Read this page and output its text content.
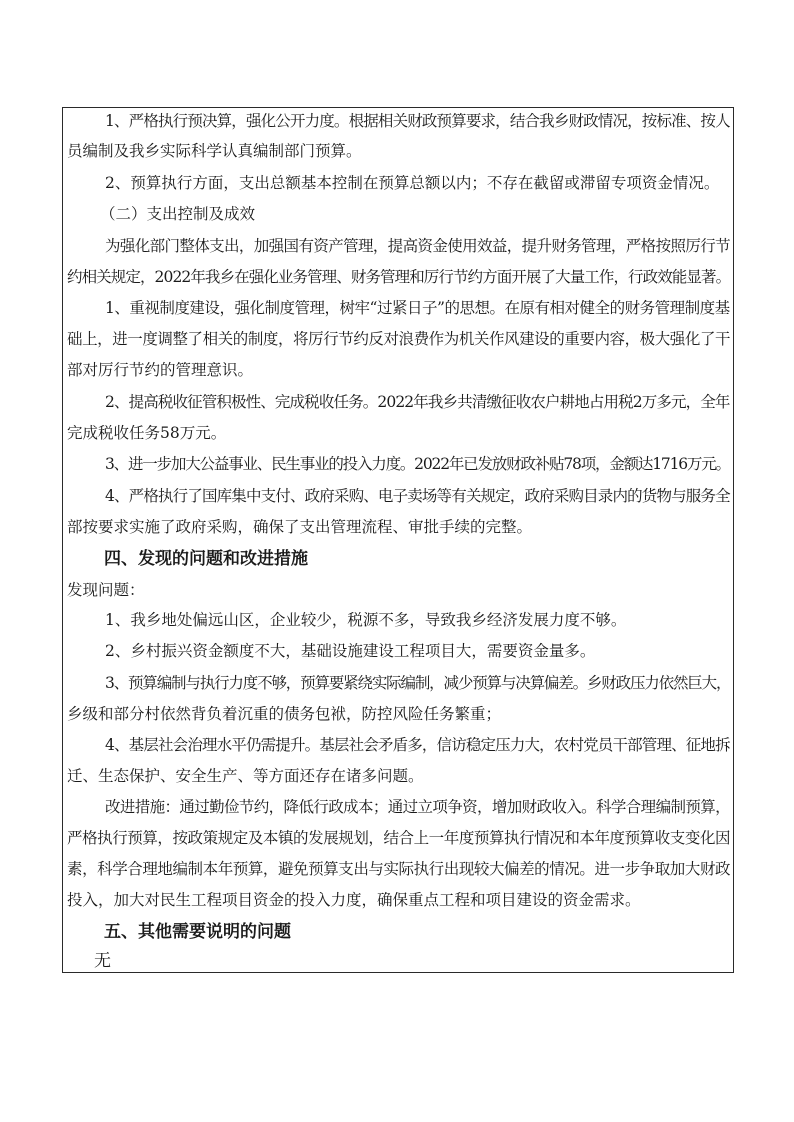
1、严格执行预决算，强化公开力度。根据相关财政预算要求，结合我乡财政情况，按标准、按人
员编制及我乡实际科学认真编制部门预算。
2、预算执行方面，支出总额基本控制在预算总额以内；不存在截留或滞留专项资金情况。
（二）支出控制及成效
为强化部门整体支出，加强国有资产管理，提高资金使用效益，提升财务管理，严格按照厉行节
约相关规定，2022年我乡在强化业务管理、财务管理和厉行节约方面开展了大量工作，行政效能显著。
1、重视制度建设，强化制度管理，树牢“过紧日子”的思想。在原有相对健全的财务管理制度基
础上，进一度调整了相关的制度，将厉行节约反对浪费作为机关作风建设的重要内容，极大强化了干
部对厉行节约的管理意识。
2、提高税收征管积极性、完成税收任务。2022年我乡共清缴征收农户耕地占用税2万多元，全年
完成税收任务58万元。
3、进一步加大公益事业、民生事业的投入力度。2022年已发放财政补贴78项，金额达1716万元。
4、严格执行了国库集中支付、政府采购、电子卖场等有关规定，政府采购目录内的货物与服务全
部按要求实施了政府采购，确保了支出管理流程、审批手续的完整。
四、发现的问题和改进措施
发现问题：
1、我乡地处偏远山区，企业较少，税源不多，导致我乡经济发展力度不够。
2、乡村振兴资金额度不大，基础设施建设工程项目大，需要资金量多。
3、预算编制与执行力度不够，预算要紧绕实际编制，减少预算与决算偏差。乡财政压力依然巨大，
乡级和部分村依然背负着沉重的债务包袱，防控风险任务繁重；
4、基层社会治理水平仍需提升。基层社会矛盾多，信访稳定压力大，农村党员干部管理、征地拆
迁、生态保护、安全生产、等方面还存在诸多问题。
改进措施：通过勤俭节约，降低行政成本；通过立项争资，增加财政收入。科学合理编制预算，
严格执行预算，按政策规定及本镇的发展规划，结合上一年度预算执行情况和本年度预算收支变化因
素，科学合理地编制本年预算，避免预算支出与实际执行出现较大偏差的情况。进一步争取加大财政
投入，加大对民生工程项目资金的投入力度，确保重点工程和项目建设的资金需求。
五、其他需要说明的问题
无
